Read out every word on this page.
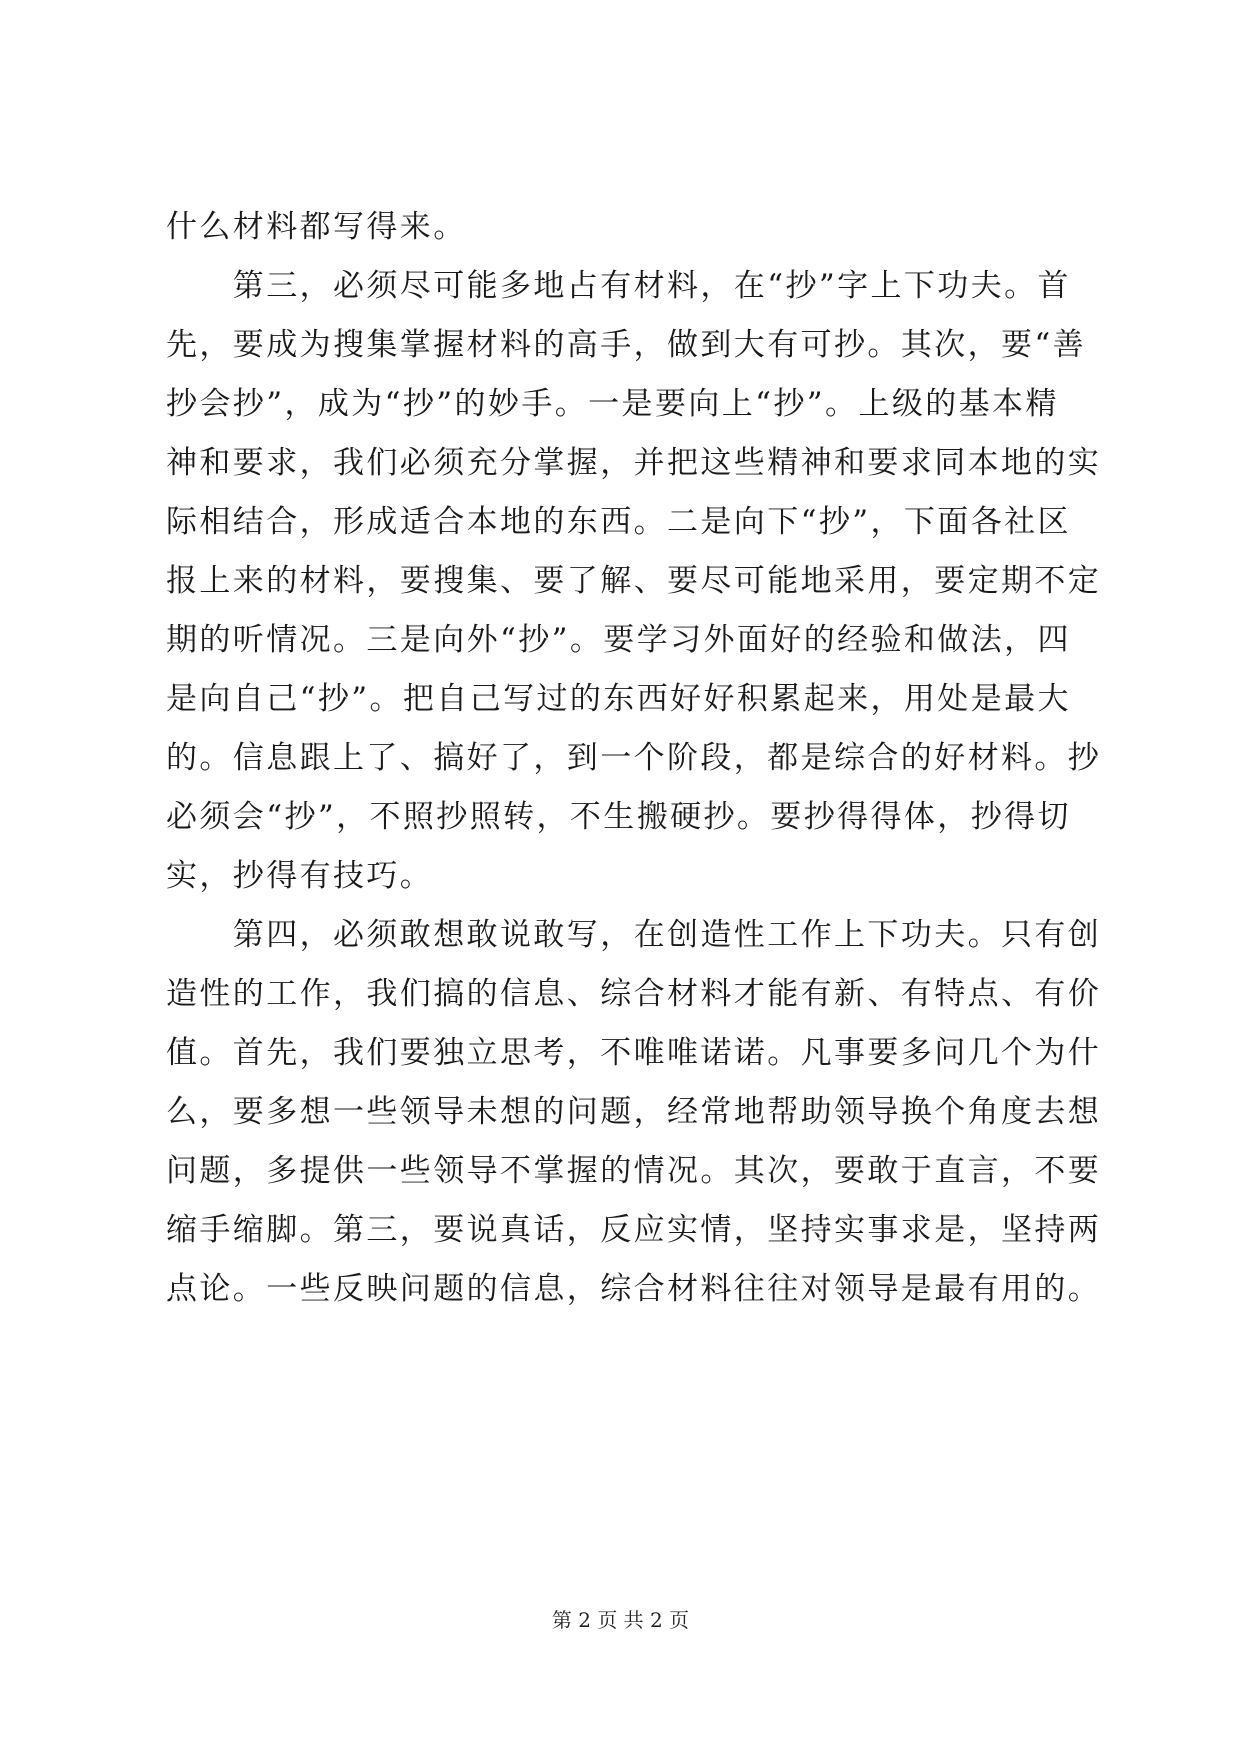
什么材料都写得来。
　　第三，必须尽可能多地占有材料，在“抄”字上下功夫。首
先，要成为搜集掌握材料的高手，做到大有可抄。其次，要“善
抄会抄”，成为“抄”的妙手。一是要向上“抄”。上级的基本精
神和要求，我们必须充分掌握，并把这些精神和要求同本地的实
际相结合，形成适合本地的东西。二是向下“抄”，下面各社区
报上来的材料，要搜集、要了解、要尽可能地采用，要定期不定
期的听情况。三是向外“抄”。要学习外面好的经验和做法，四
是向自己“抄”。把自己写过的东西好好积累起来，用处是最大
的。信息跟上了、搞好了，到一个阶段，都是综合的好材料。抄
必须会“抄”，不照抄照转，不生搬硬抄。要抄得得体，抄得切
实，抄得有技巧。
　　第四，必须敢想敢说敢写，在创造性工作上下功夫。只有创
造性的工作，我们搞的信息、综合材料才能有新、有特点、有价
值。首先，我们要独立思考，不唯唯诺诺。凡事要多问几个为什
么，要多想一些领导未想的问题，经常地帮助领导换个角度去想
问题，多提供一些领导不掌握的情况。其次，要敢于直言，不要
缩手缩脚。第三，要说真话，反应实情，坚持实事求是，坚持两
点论。一些反映问题的信息，综合材料往往对领导是最有用的。
第 2 页 共 2 页
